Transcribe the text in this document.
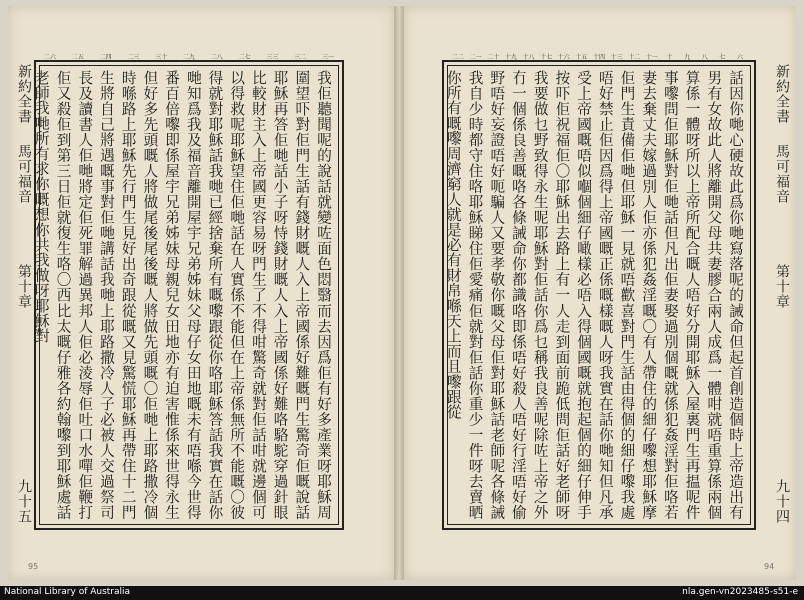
新約全書
馬可福音
第十章
九十五
三一
三二
三三
二七
二八
二九
三十
二三
二四
二五
二六
我佢聽聞呢的說話就變咗面色悶翳而去因爲佢有好多產業呀耶穌周圍望吓對佢門生話有錢財嘅人入上帝國係好難嘅門生驚奇佢嘅說話耶穌再答佢哋話小子呀恃錢財嘅人入上帝國係好難咯駱駝穿過針眼比較財主入上帝國更容易呀門生了不得咁驚奇就對佢話咁就邊個可以得救呢耶穌望住佢哋話在人實係不能但在上帝係無所不能嘅〇彼得就對耶穌話我哋已經捨棄所有嘅嚟跟從你咯耶穌答話我實在話你哋知爲我及福音離開屋宇兄弟姊妹父母仔女田地嘅未有唔喺今世得番百倍嚟即係屋宇兄弟姊妹母親兒女田地亦有迫害惟係來世得永生但好多先頭嘅人將做尾後尾後嘅人將做先頭嘅〇佢哋上耶路撒冷個時喺路上耶穌先行門生見好出奇跟從嘅又見驚慌耶穌再帶住十二門生將自己將遇嘅事對佢哋講話我哋上耶路撒冷人子必被人交過祭司長及讀書人佢哋將定佢死罪解過異邦人佢必淩辱佢吐口水嘽佢鞭打佢又殺佢到第三日佢就復生咯〇西比太嘅仔雅各約翰嚟到耶穌處話老師我哋所有求你嘅想你共我做呀耶穌對
95
六
七
八
九
十
十一
十二
十三
十四
十五
十六
十七
十八
十九
二十
二一
二二
話因你哋心硬故此爲你哋寫落呢的誡命但起首創造個時上帝造出有男有女故此人將離開父母共妻膠合兩人成爲一體咁就唔重算係兩個算係一體呀所以上帝所配合嘅人唔好分開耶穌入屋裏門生再揾呢件事嚟問佢耶穌對佢哋話但凡出佢妻娶過別個嘅就係犯姦淫對佢咯若妻去棄丈夫嫁過別人佢亦係犯姦淫嘅〇有人帶住的細仔嚟想耶穌摩佢門生責備佢哋但耶穌一見就唔歡喜對門生話由得個的細仔嚟我處唔好禁止佢因爲得上帝國嘅正係嘅樣嘅人呀我實在話你哋知但凡承受上帝國嘅唔似嗰個細仔噉樣必唔入得個國嘅就抱起個的細仔伸手按吓佢祝福佢〇耶穌出去路上有一人走到面前跪低問佢話好老師呀我要做乜野致得永生呢耶穌對佢話你爲乜稱我良善呢除咗上帝之外冇一個係良善嘅咯各條誡命你都識咯即係唔好殺人唔好行淫唔好偷野唔好妄證唔好呃騙人又要孝敬你嘅父母佢對耶穌話老師呢各條誡我自少時都守住咯耶穌睇住佢愛痛佢就對佢話你重少一件呀去賣晒你所有嘅嚟周濟窮人就是必有財帛喺天上而且嚟跟從	新約全書
馬可福音
第十章
九十四
94
National Library of Australia	nla.gen-vn2023485-s51-e
